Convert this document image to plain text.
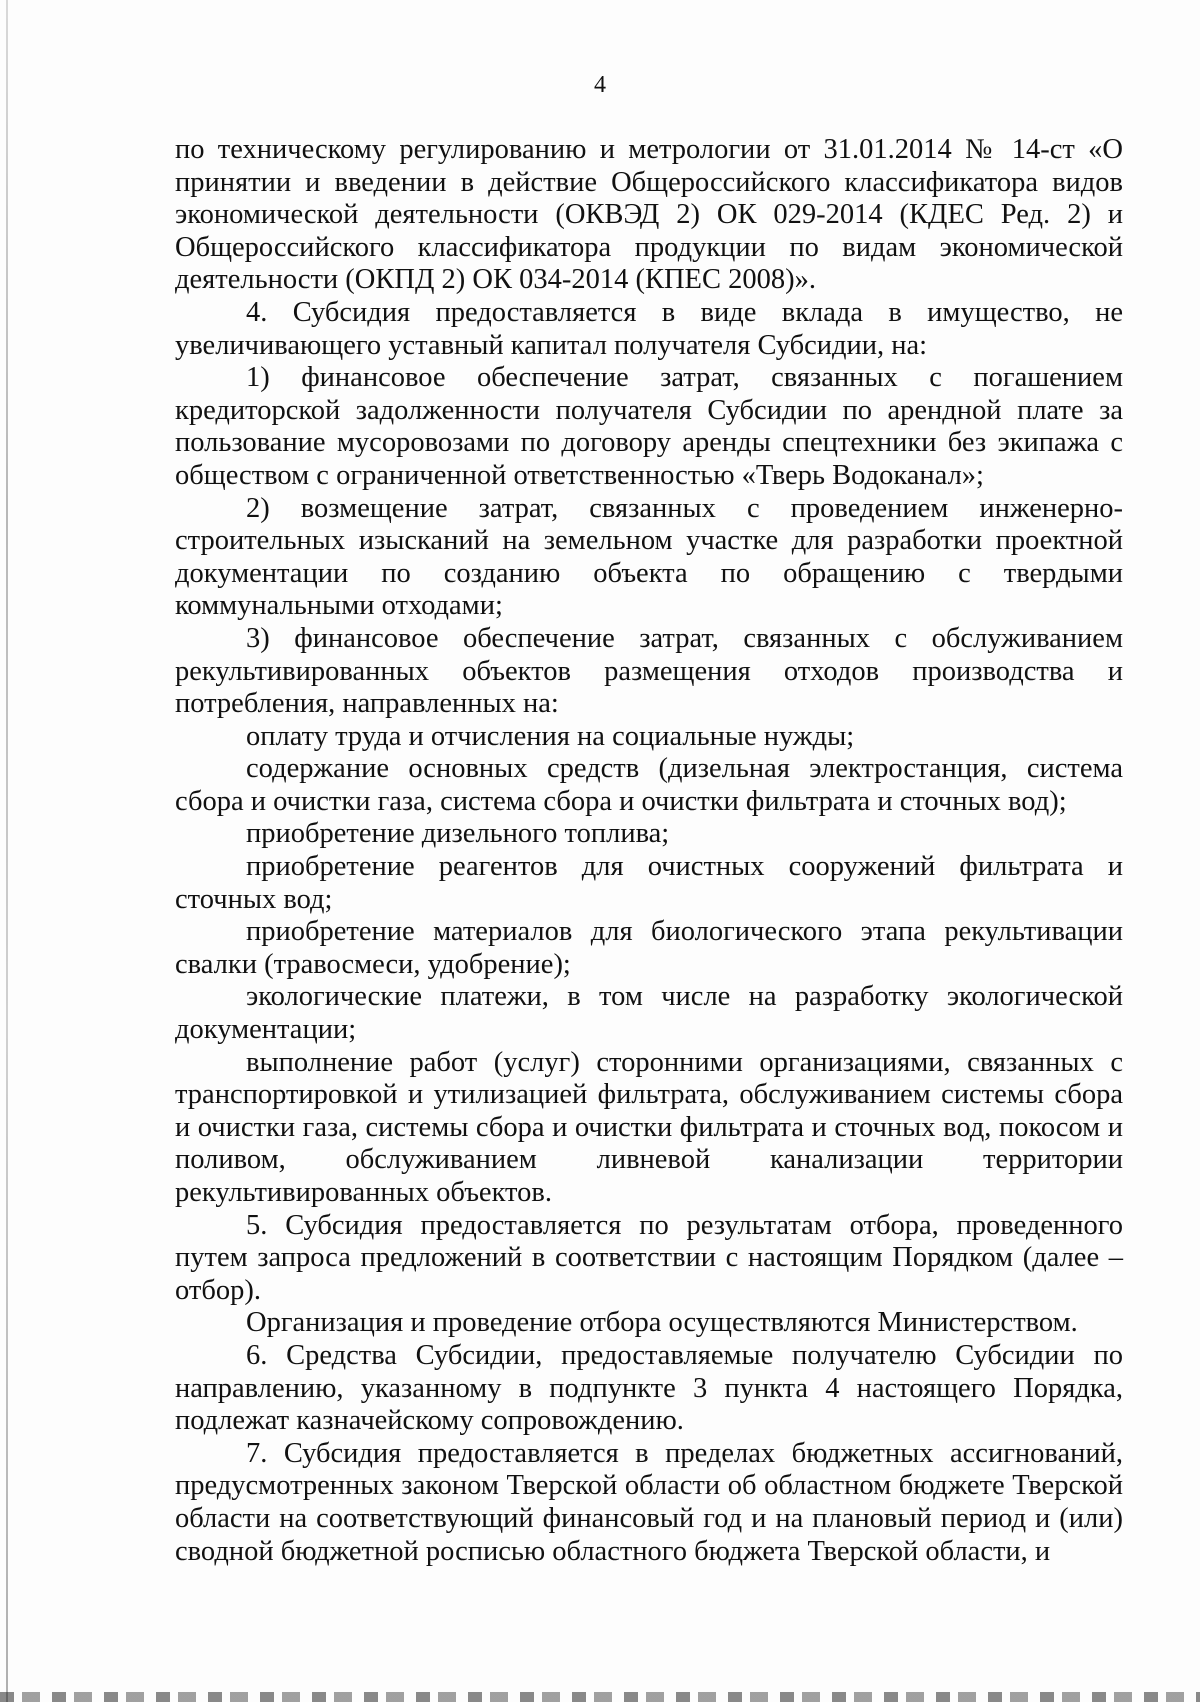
4

по техническому регулированию и метрологии от 31.01.2014 № 14-ст «О принятии и введении в действие Общероссийского классификатора видов экономической деятельности (ОКВЭД 2) ОК 029-2014 (КДЕС Ред. 2) и Общероссийского классификатора продукции по видам экономической деятельности (ОКПД 2) ОК 034-2014 (КПЕС 2008)».

4. Субсидия предоставляется в виде вклада в имущество, не увеличивающего уставный капитал получателя Субсидии, на:

1) финансовое обеспечение затрат, связанных с погашением кредиторской задолженности получателя Субсидии по арендной плате за пользование мусоровозами по договору аренды спецтехники без экипажа с обществом с ограниченной ответственностью «Тверь Водоканал»;

2) возмещение затрат, связанных с проведением инженерно-строительных изысканий на земельном участке для разработки проектной документации по созданию объекта по обращению с твердыми коммунальными отходами;

3) финансовое обеспечение затрат, связанных с обслуживанием рекультивированных объектов размещения отходов производства и потребления, направленных на:

оплату труда и отчисления на социальные нужды;

содержание основных средств (дизельная электростанция, система сбора и очистки газа, система сбора и очистки фильтрата и сточных вод);

приобретение дизельного топлива;

приобретение реагентов для очистных сооружений фильтрата и сточных вод;

приобретение материалов для биологического этапа рекультивации свалки (травосмеси, удобрение);

экологические платежи, в том числе на разработку экологической документации;

выполнение работ (услуг) сторонними организациями, связанных с транспортировкой и утилизацией фильтрата, обслуживанием системы сбора и очистки газа, системы сбора и очистки фильтрата и сточных вод, покосом и поливом, обслуживанием ливневой канализации территории рекультивированных объектов.

5. Субсидия предоставляется по результатам отбора, проведенного путем запроса предложений в соответствии с настоящим Порядком (далее – отбор).

Организация и проведение отбора осуществляются Министерством.

6. Средства Субсидии, предоставляемые получателю Субсидии по направлению, указанному в подпункте 3 пункта 4 настоящего Порядка, подлежат казначейскому сопровождению.

7. Субсидия предоставляется в пределах бюджетных ассигнований, предусмотренных законом Тверской области об областном бюджете Тверской области на соответствующий финансовый год и на плановый период и (или) сводной бюджетной росписью областного бюджета Тверской области, и
